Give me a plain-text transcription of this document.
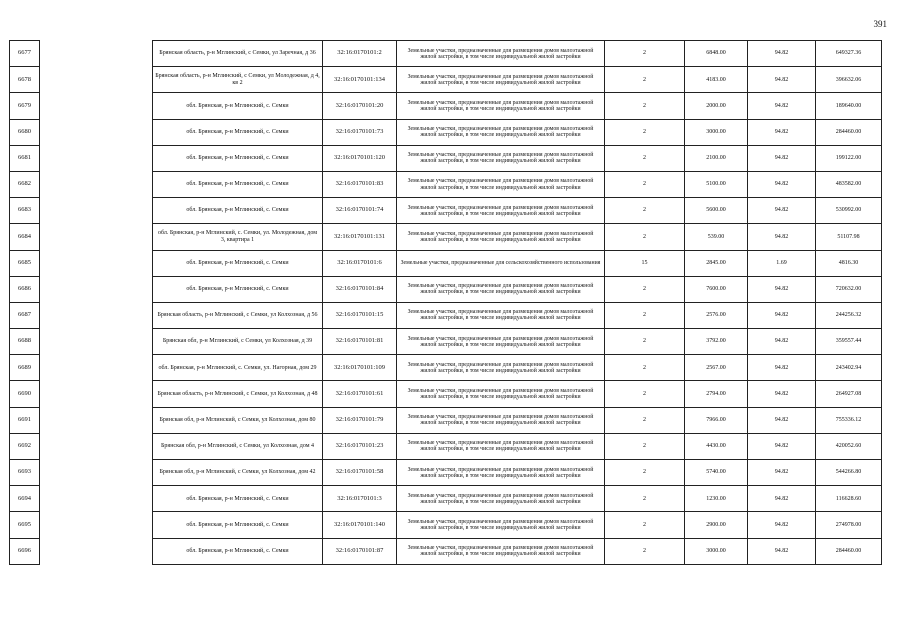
391
6677		Брянская область, р-н Мглинский, с Семки, ул Заречная, д 36	32:16:0170101:2	Земельные участки, предназначенные для размещения домов малоэтажной жилой застройки, в том числе индивидуальной жилой застройки	2	6848.00	94.82	649327.36
6678		Брянская область, р-н Мглинский, с Семки, ул Молодежная, д 4, кв 2	32:16:0170101:134	Земельные участки, предназначенные для размещения домов малоэтажной жилой застройки, в том числе индивидуальной жилой застройки	2	4183.00	94.82	396632.06
6679		обл. Брянская, р-н Мглинский, с. Семки	32:16:0170101:20	Земельные участки, предназначенные для размещения домов малоэтажной жилой застройки, в том числе индивидуальной жилой застройки	2	2000.00	94.82	189640.00
6680		обл. Брянская, р-н Мглинский, с. Семки	32:16:0170101:73	Земельные участки, предназначенные для размещения домов малоэтажной жилой застройки, в том числе индивидуальной жилой застройки	2	3000.00	94.82	284460.00
6681		обл. Брянская, р-н Мглинский, с. Семки	32:16:0170101:120	Земельные участки, предназначенные для размещения домов малоэтажной жилой застройки, в том числе индивидуальной жилой застройки	2	2100.00	94.82	199122.00
6682		обл. Брянская, р-н Мглинский, с. Семки	32:16:0170101:83	Земельные участки, предназначенные для размещения домов малоэтажной жилой застройки, в том числе индивидуальной жилой застройки	2	5100.00	94.82	483582.00
6683		обл. Брянская, р-н Мглинский, с. Семки	32:16:0170101:74	Земельные участки, предназначенные для размещения домов малоэтажной жилой застройки, в том числе индивидуальной жилой застройки	2	5600.00	94.82	530992.00
6684		обл. Брянская, р-н Мглинский, с. Семки, ул. Молодежная, дом 3, квартира 1	32:16:0170101:131	Земельные участки, предназначенные для размещения домов малоэтажной жилой застройки, в том числе индивидуальной жилой застройки	2	539.00	94.82	51107.98
6685		обл. Брянская, р-н Мглинский, с. Семки	32:16:0170101:6	Земельные участки, предназначенные для сельскохозяйственного использования	15	2845.00	1.69	4816.30
6686		обл. Брянская, р-н Мглинский, с. Семки	32:16:0170101:84	Земельные участки, предназначенные для размещения домов малоэтажной жилой застройки, в том числе индивидуальной жилой застройки	2	7600.00	94.82	720632.00
6687		Брянская область, р-н Мглинский, с Семки, ул Колхозная, д 56	32:16:0170101:15	Земельные участки, предназначенные для размещения домов малоэтажной жилой застройки, в том числе индивидуальной жилой застройки	2	2576.00	94.82	244256.32
6688		Брянская обл, р-н Мглинский, с Семки, ул Колхозная, д 39	32:16:0170101:81	Земельные участки, предназначенные для размещения домов малоэтажной жилой застройки, в том числе индивидуальной жилой застройки	2	3792.00	94.82	359557.44
6689		обл. Брянская, р-н Мглинский, с. Семки, ул. Нагорная, дом 29	32:16:0170101:109	Земельные участки, предназначенные для размещения домов малоэтажной жилой застройки, в том числе индивидуальной жилой застройки	2	2567.00	94.82	243402.94
6690		Брянская область, р-н Мглинский, с Семки, ул Колхозная, д 48	32:16:0170101:61	Земельные участки, предназначенные для размещения домов малоэтажной жилой застройки, в том числе индивидуальной жилой застройки	2	2794.00	94.82	264927.08
6691		Брянская обл, р-н Мглинский, с Семки, ул Колхозная, дом 80	32:16:0170101:79	Земельные участки, предназначенные для размещения домов малоэтажной жилой застройки, в том числе индивидуальной жилой застройки	2	7966.00	94.82	755336.12
6692		Брянская обл, р-н Мглинский, с Семки, ул Колхозная, дом 4	32:16:0170101:23	Земельные участки, предназначенные для размещения домов малоэтажной жилой застройки, в том числе индивидуальной жилой застройки	2	4430.00	94.82	420052.60
6693		Брянская обл, р-н Мглинский, с Семки, ул Колхозная, дом 42	32:16:0170101:58	Земельные участки, предназначенные для размещения домов малоэтажной жилой застройки, в том числе индивидуальной жилой застройки	2	5740.00	94.82	544266.80
6694		обл. Брянская, р-н Мглинский, с. Семки	32:16:0170101:3	Земельные участки, предназначенные для размещения домов малоэтажной жилой застройки, в том числе индивидуальной жилой застройки	2	1230.00	94.82	116628.60
6695		обл. Брянская, р-н Мглинский, с. Семки	32:16:0170101:140	Земельные участки, предназначенные для размещения домов малоэтажной жилой застройки, в том числе индивидуальной жилой застройки	2	2900.00	94.82	274978.00
6696		обл. Брянская, р-н Мглинский, с. Семки	32:16:0170101:87	Земельные участки, предназначенные для размещения домов малоэтажной жилой застройки, в том числе индивидуальной жилой застройки	2	3000.00	94.82	284460.00
